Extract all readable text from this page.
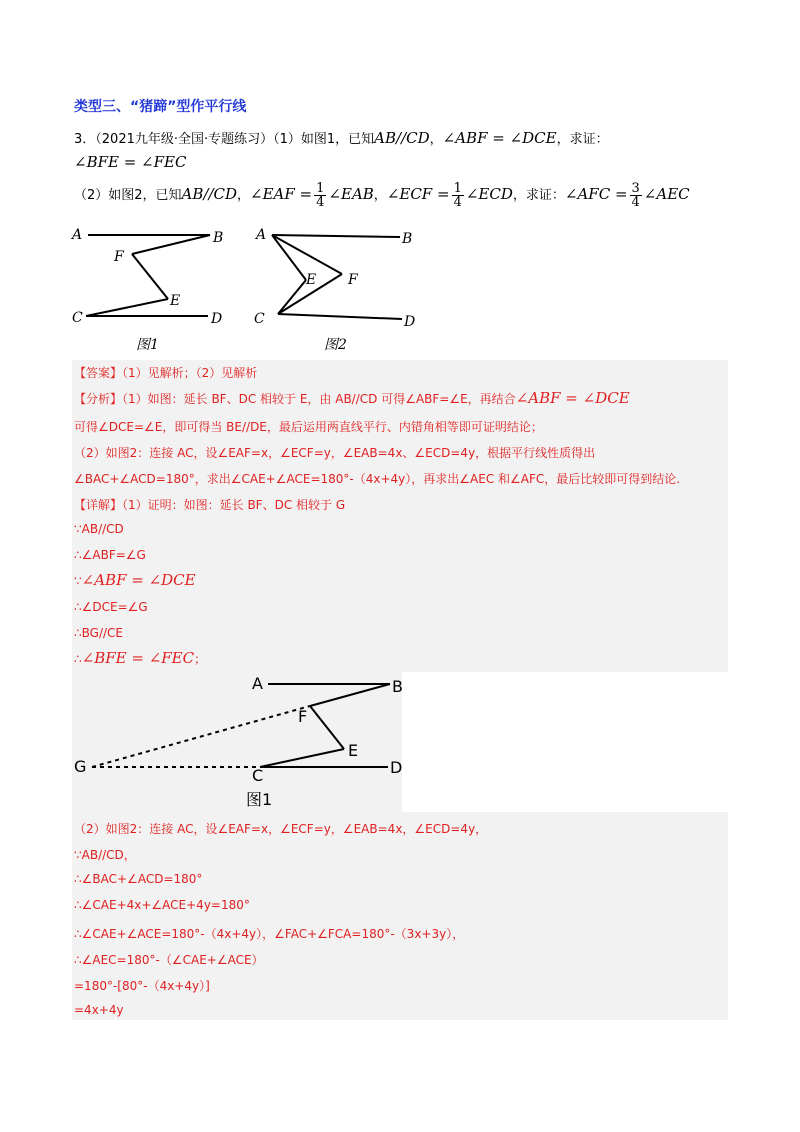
类型三、“猪蹄”型作平行线
3．（2021九年级·全国·专题练习）（1）如图1，已知AB//CD，∠ABF = ∠DCE，求证：
∠BFE = ∠FEC
（2）如图2，已知AB//CD，∠EAF = $\frac{1}{4}$ ∠EAB，∠ECF = $\frac{1}{4}$ ∠ECD，求证：∠AFC = $\frac{3}{4}$ ∠AEC
A	B
F
E
C	D
图1
A	B
E F
C	D
图2
【答案】（1）见解析；（2）见解析
【分析】（1）如图：延长 BF、DC 相较于 E，由 AB//CD 可得∠ABF=∠E，再结合∠ABF = ∠DCE
可得∠DCE=∠E，即可得当 BE//DE，最后运用两直线平行、内错角相等即可证明结论；
（2）如图2：连接 AC，设∠EAF=x，∠ECF=y，∠EAB=4x、∠ECD=4y，根据平行线性质得出
∠BAC+∠ACD=180°，求出∠CAE+∠ACE=180°-（4x+4y），再求出∠AEC 和∠AFC，最后比较即可得到结论.
【详解】（1）证明：如图：延长 BF、DC 相较于 G
∵AB//CD
∴∠ABF=∠G
∵∠ABF = ∠DCE
∴∠DCE=∠G
∴BG//CE
∴∠BFE = ∠FEC；
A	B
F
E
G	C	D
图1
（2）如图2：连接 AC，设∠EAF=x，∠ECF=y，∠EAB=4x，∠ECD=4y，
∵AB//CD，
∴∠BAC+∠ACD=180°
∴∠CAE+4x+∠ACE+4y=180°
∴∠CAE+∠ACE=180°-（4x+4y），∠FAC+∠FCA=180°-（3x+3y），
∴∠AEC=180°-（∠CAE+∠ACE）
=180°-[80°-（4x+4y）]
=4x+4y
